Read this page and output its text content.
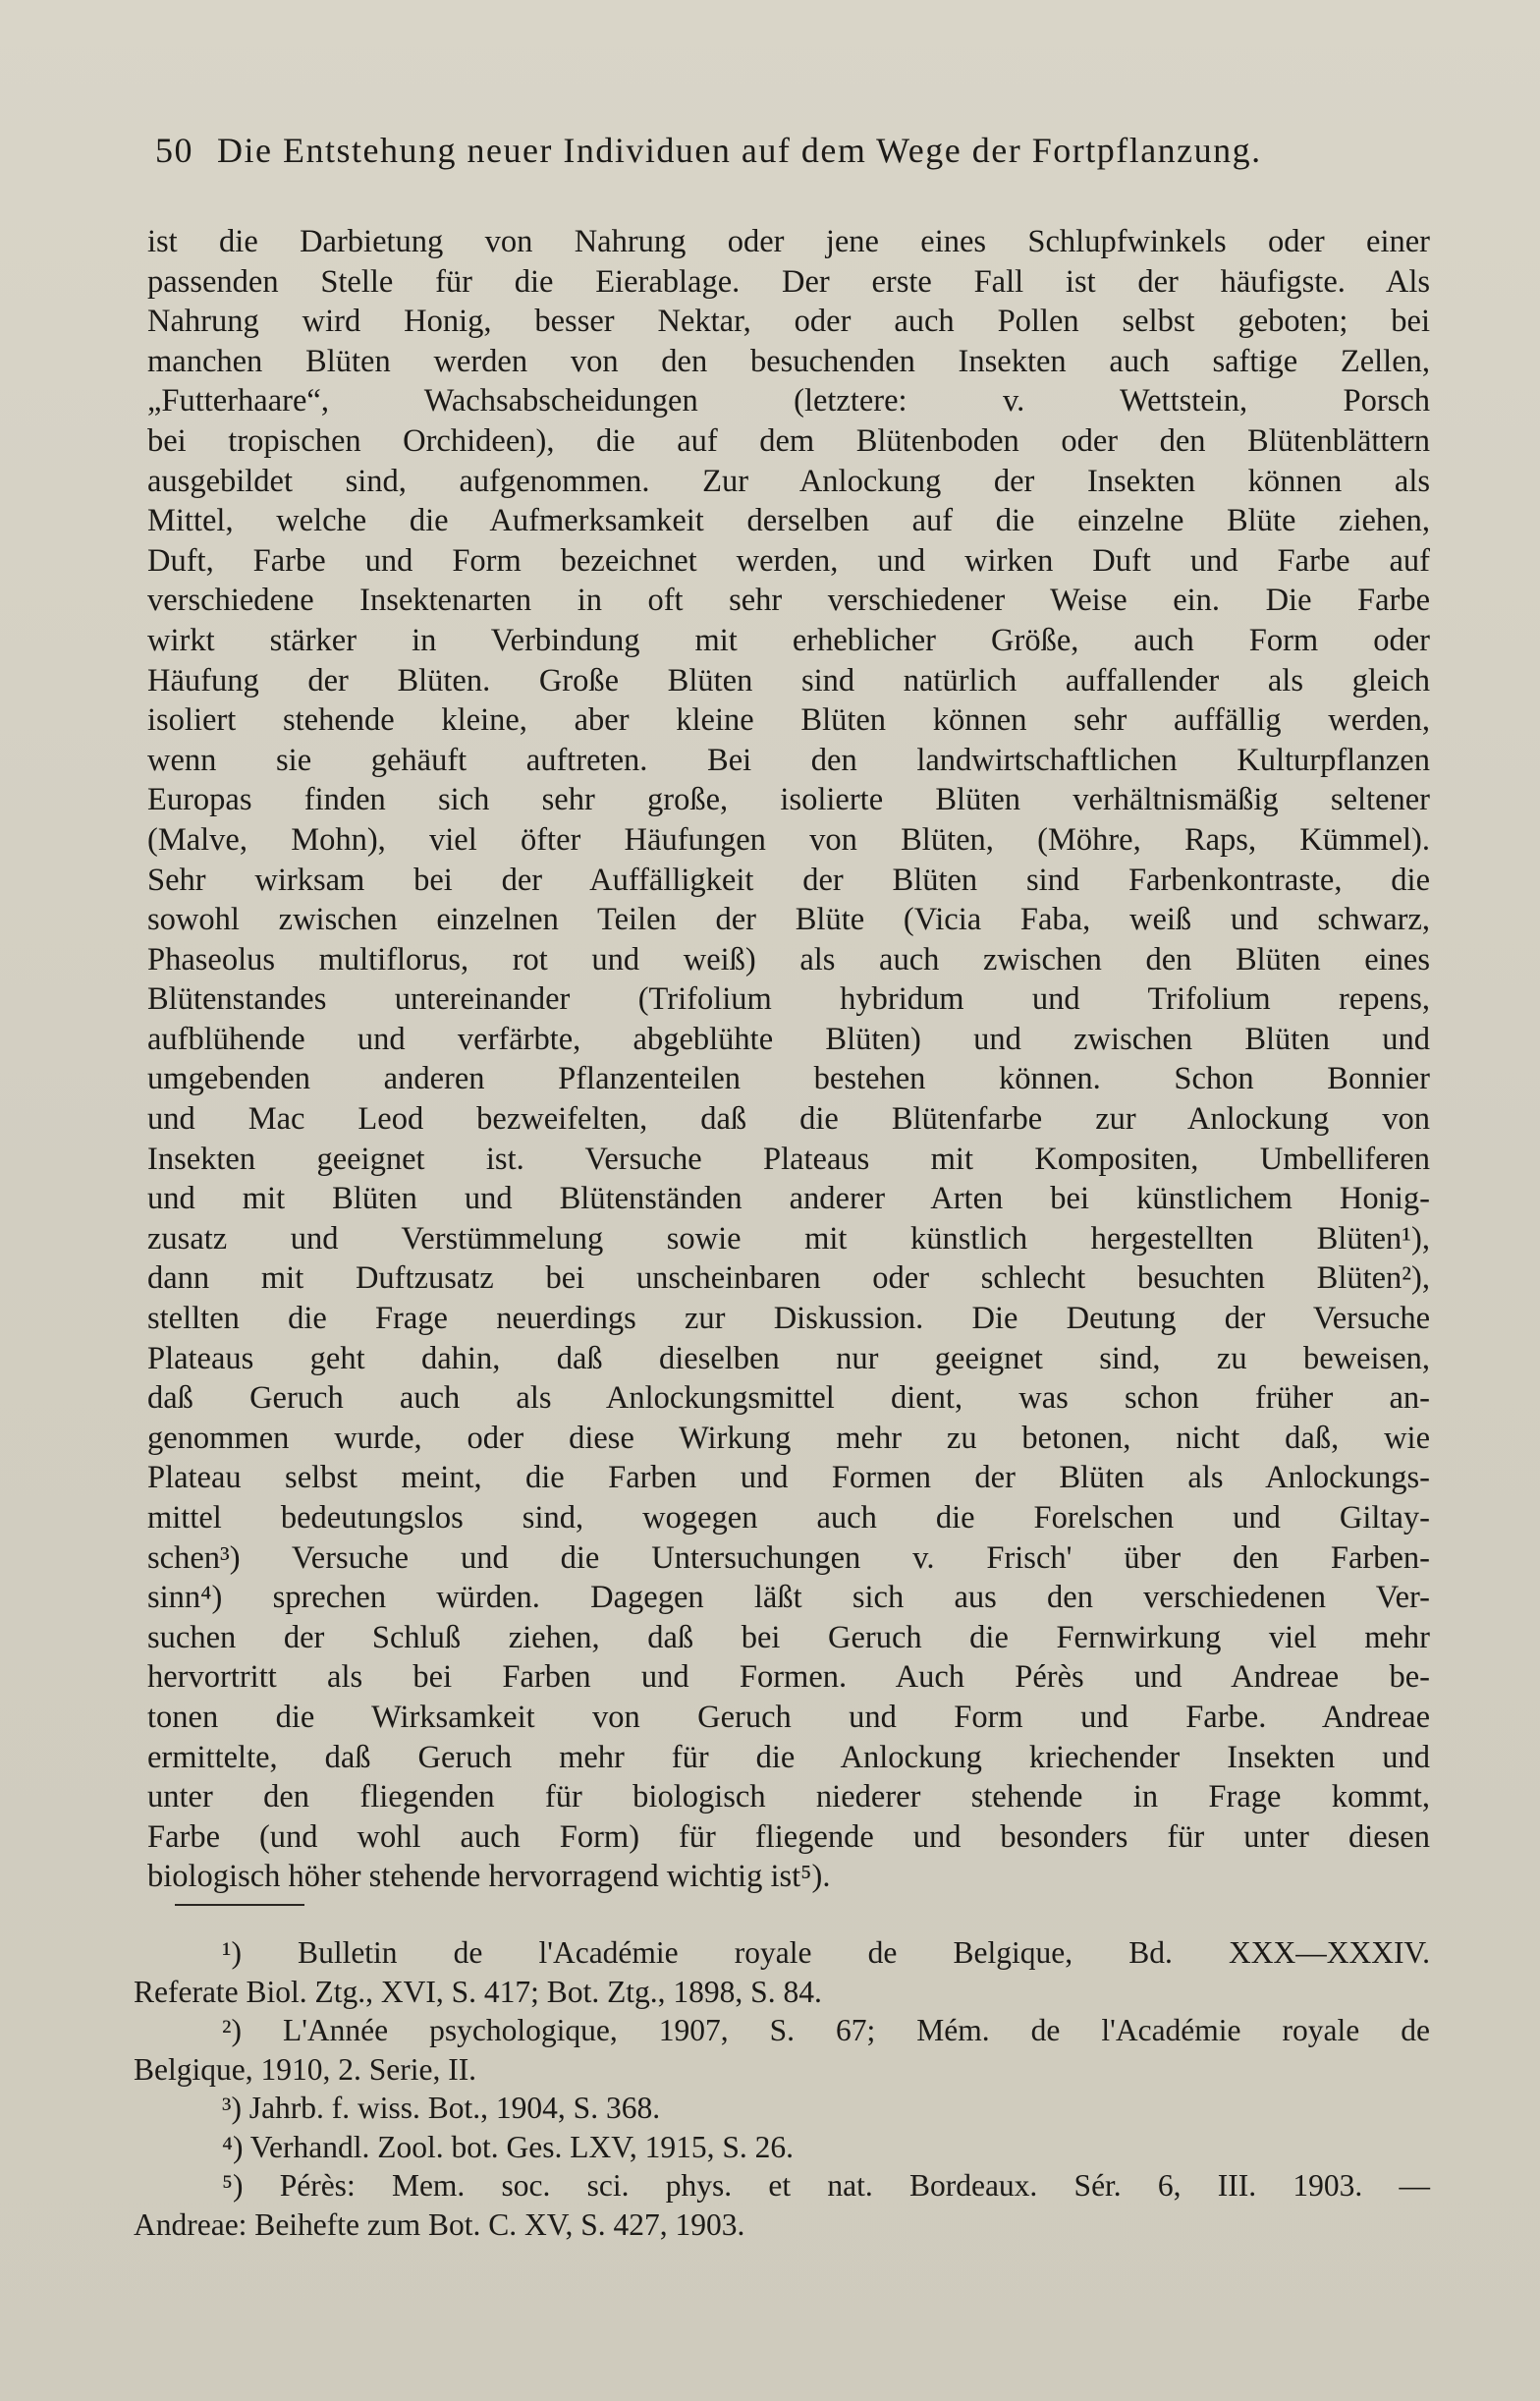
50 Die Entstehung neuer Individuen auf dem Wege der Fortpflanzung.
ist die Darbietung von Nahrung oder jene eines Schlupfwinkels oder einer
passenden Stelle für die Eierablage. Der erste Fall ist der häufigste. Als
Nahrung wird Honig, besser Nektar, oder auch Pollen selbst geboten; bei
manchen Blüten werden von den besuchenden Insekten auch saftige Zellen,
„Futterhaare“, Wachsabscheidungen (letztere: v. Wettstein, Porsch
bei tropischen Orchideen), die auf dem Blütenboden oder den Blütenblättern
ausgebildet sind, aufgenommen. Zur Anlockung der Insekten können als
Mittel, welche die Aufmerksamkeit derselben auf die einzelne Blüte ziehen,
Duft, Farbe und Form bezeichnet werden, und wirken Duft und Farbe auf
verschiedene Insektenarten in oft sehr verschiedener Weise ein. Die Farbe
wirkt stärker in Verbindung mit erheblicher Größe, auch Form oder
Häufung der Blüten. Große Blüten sind natürlich auffallender als gleich
isoliert stehende kleine, aber kleine Blüten können sehr auffällig werden,
wenn sie gehäuft auftreten. Bei den landwirtschaftlichen Kulturpflanzen
Europas finden sich sehr große, isolierte Blüten verhältnismäßig seltener
(Malve, Mohn), viel öfter Häufungen von Blüten, (Möhre, Raps, Kümmel).
Sehr wirksam bei der Auffälligkeit der Blüten sind Farbenkontraste, die
sowohl zwischen einzelnen Teilen der Blüte (Vicia Faba, weiß und schwarz,
Phaseolus multiflorus, rot und weiß) als auch zwischen den Blüten eines
Blütenstandes untereinander (Trifolium hybridum und Trifolium repens,
aufblühende und verfärbte, abgeblühte Blüten) und zwischen Blüten und
umgebenden anderen Pflanzenteilen bestehen können. Schon Bonnier
und Mac Leod bezweifelten, daß die Blütenfarbe zur Anlockung von
Insekten geeignet ist. Versuche Plateaus mit Kompositen, Umbelliferen
und mit Blüten und Blütenständen anderer Arten bei künstlichem Honig-
zusatz und Verstümmelung sowie mit künstlich hergestellten Blüten¹),
dann mit Duftzusatz bei unscheinbaren oder schlecht besuchten Blüten²),
stellten die Frage neuerdings zur Diskussion. Die Deutung der Versuche
Plateaus geht dahin, daß dieselben nur geeignet sind, zu beweisen,
daß Geruch auch als Anlockungsmittel dient, was schon früher an-
genommen wurde, oder diese Wirkung mehr zu betonen, nicht daß, wie
Plateau selbst meint, die Farben und Formen der Blüten als Anlockungs-
mittel bedeutungslos sind, wogegen auch die Forelschen und Giltay-
schen³) Versuche und die Untersuchungen v. Frisch' über den Farben-
sinn⁴) sprechen würden. Dagegen läßt sich aus den verschiedenen Ver-
suchen der Schluß ziehen, daß bei Geruch die Fernwirkung viel mehr
hervortritt als bei Farben und Formen. Auch Pérès und Andreae be-
tonen die Wirksamkeit von Geruch und Form und Farbe. Andreae
ermittelte, daß Geruch mehr für die Anlockung kriechender Insekten und
unter den fliegenden für biologisch niederer stehende in Frage kommt,
Farbe (und wohl auch Form) für fliegende und besonders für unter diesen
biologisch höher stehende hervorragend wichtig ist⁵).
¹) Bulletin de l'Académie royale de Belgique, Bd. XXX—XXXIV.
Referate Biol. Ztg., XVI, S. 417; Bot. Ztg., 1898, S. 84.
²) L'Année psychologique, 1907, S. 67; Mém. de l'Académie royale de
Belgique, 1910, 2. Serie, II.
³) Jahrb. f. wiss. Bot., 1904, S. 368.
⁴) Verhandl. Zool. bot. Ges. LXV, 1915, S. 26.
⁵) Pérès: Mem. soc. sci. phys. et nat. Bordeaux. Sér. 6, III. 1903. —
Andreae: Beihefte zum Bot. C. XV, S. 427, 1903.
